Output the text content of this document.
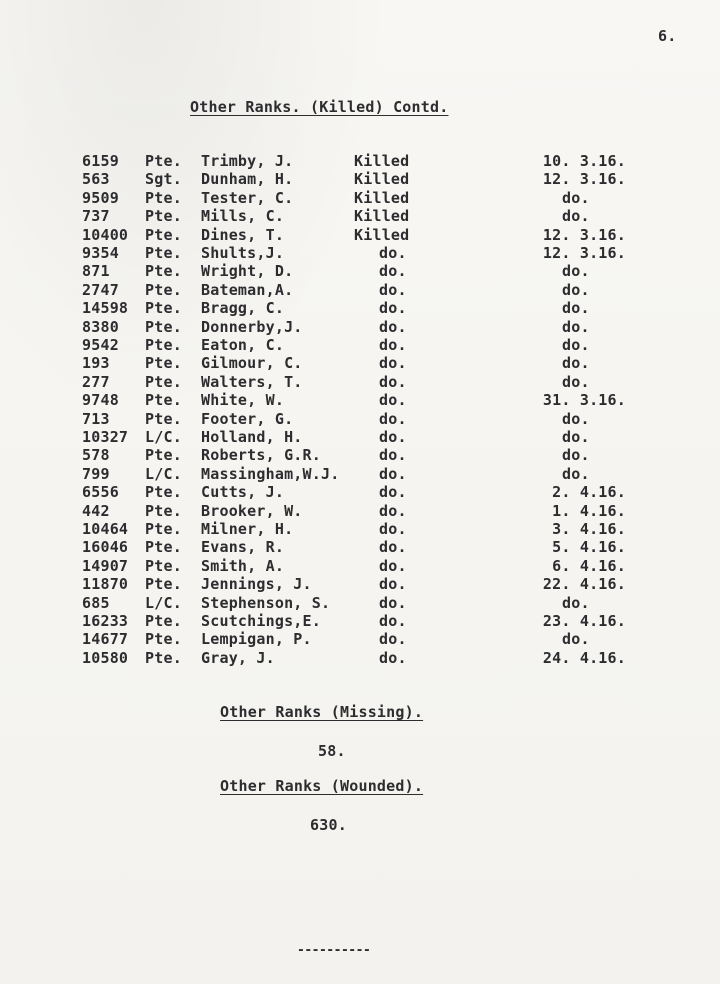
6.
Other Ranks. (Killed) Contd.
6159 Pte. Trimby, J.	Killed	10. 3.16.
563 Sgt. Dunham, H.	Killed	12. 3.16.
9509 Pte. Tester, C.	Killed	do.
737 Pte. Mills, C.	Killed	do.
10400 Pte. Dines, T.	Killed	12. 3.16.
9354 Pte. Shults,J.	do.	12. 3.16.
871 Pte. Wright, D.	do.	do.
2747 Pte. Bateman,A.	do.	do.
14598 Pte. Bragg, C.	do.	do.
8380 Pte. Donnerby,J.	do.	do.
9542 Pte. Eaton, C.	do.	do.
193 Pte. Gilmour, C.	do.	do.
277 Pte. Walters, T.	do.	do.
9748 Pte. White, W.	do.	31. 3.16.
713 Pte. Footer, G.	do.	do.
10327 L/C. Holland, H.	do.	do.
578 Pte. Roberts, G.R.	do.	do.
799 L/C. Massingham,W.J.	do.	do.
6556 Pte. Cutts, J.	do.	2. 4.16.
442 Pte. Brooker, W.	do.	1. 4.16.
10464 Pte. Milner, H.	do.	3. 4.16.
16046 Pte. Evans, R.	do.	5. 4.16.
14907 Pte. Smith, A.	do.	6. 4.16.
11870 Pte. Jennings, J.	do.	22. 4.16.
685 L/C. Stephenson, S.	do.	do.
16233 Pte. Scutchings,E.	do.	23. 4.16.
14677 Pte. Lempigan, P.	do.	do.
10580 Pte. Gray, J.	do.	24. 4.16.
Other Ranks (Missing).
58.
Other Ranks (Wounded).
630.
----------
